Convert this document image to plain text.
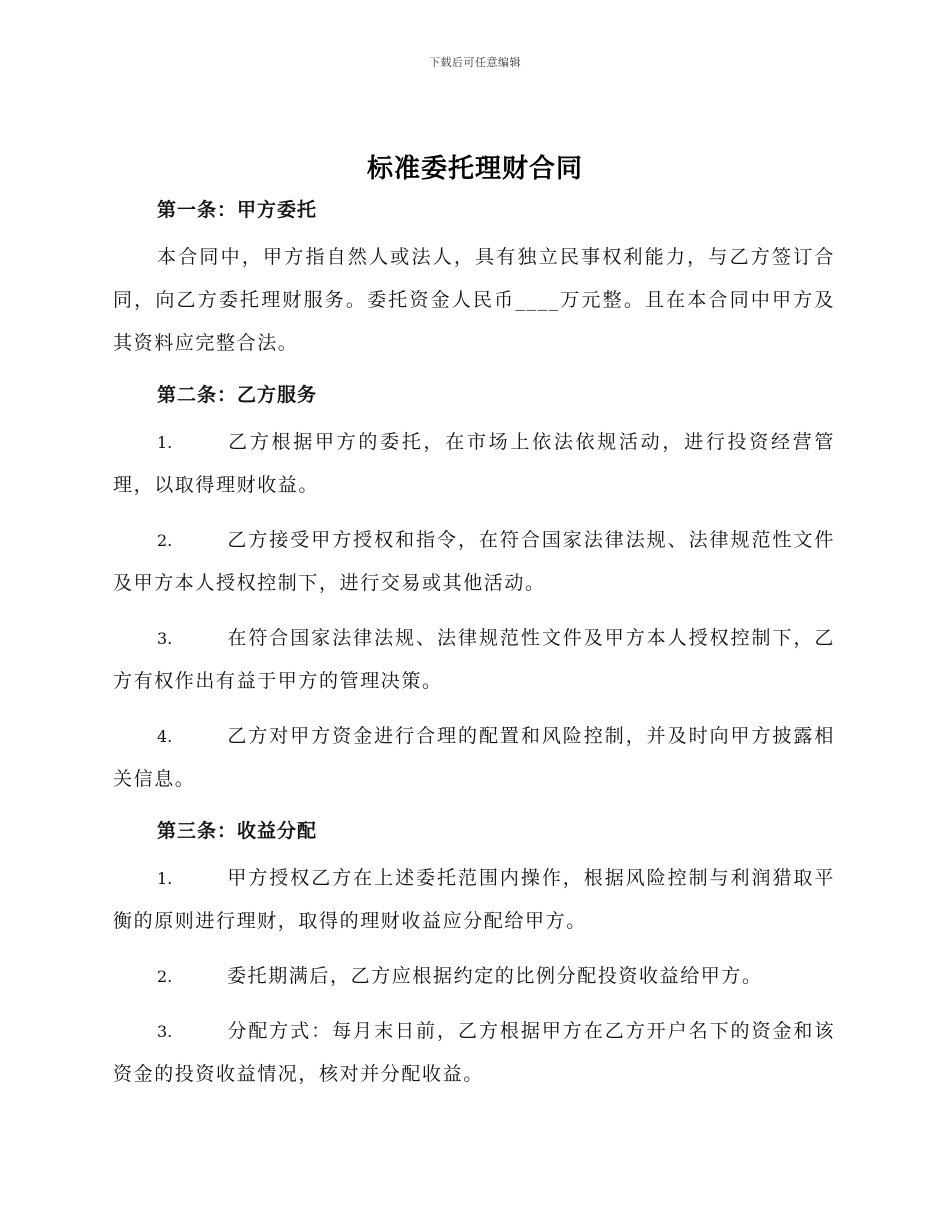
下载后可任意编辑
标准委托理财合同

第一条：甲方委托

本合同中，甲方指自然人或法人，具有独立民事权利能力，与乙方签订合同，向乙方委托理财服务。委托资金人民币____万元整。且在本合同中甲方及其资料应完整合法。

第二条：乙方服务

1.	乙方根据甲方的委托，在市场上依法依规活动，进行投资经营管理，以取得理财收益。

2.	乙方接受甲方授权和指令，在符合国家法律法规、法律规范性文件及甲方本人授权控制下，进行交易或其他活动。

3.	在符合国家法律法规、法律规范性文件及甲方本人授权控制下，乙方有权作出有益于甲方的管理决策。

4.	乙方对甲方资金进行合理的配置和风险控制，并及时向甲方披露相关信息。

第三条：收益分配

1.	甲方授权乙方在上述委托范围内操作，根据风险控制与利润猎取平衡的原则进行理财，取得的理财收益应分配给甲方。

2.	委托期满后，乙方应根据约定的比例分配投资收益给甲方。

3.	分配方式：每月末日前，乙方根据甲方在乙方开户名下的资金和该资金的投资收益情况，核对并分配收益。
